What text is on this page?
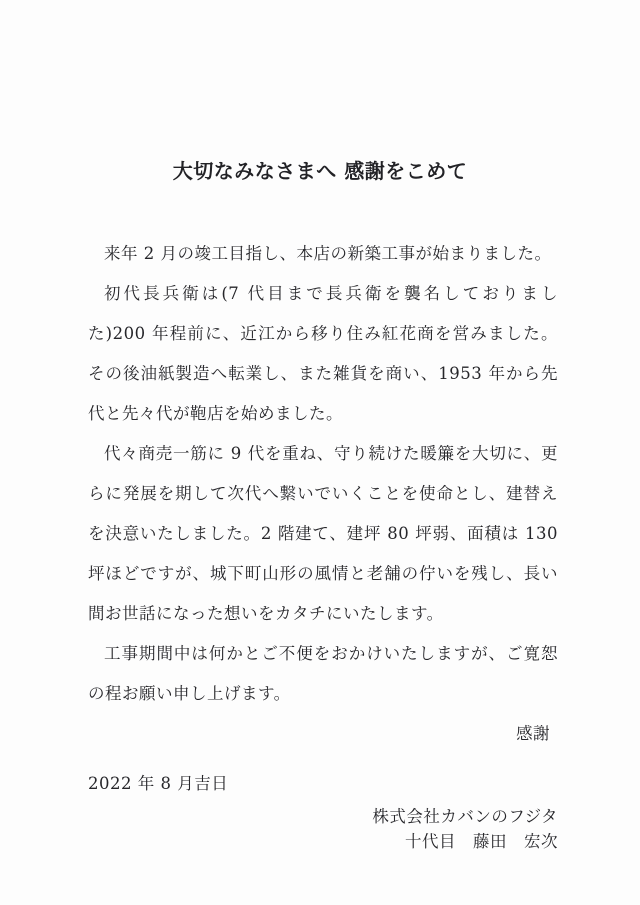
大切なみなさまへ 感謝をこめて

来年 2 月の竣工目指し、本店の新築工事が始まりました。

初代長兵衛は(7 代目まで長兵衛を襲名しておりました)200 年程前に、近江から移り住み紅花商を営みました。その後油紙製造へ転業し、また雑貨を商い、1953 年から先代と先々代が鞄店を始めました。

代々商売一筋に 9 代を重ね、守り続けた暖簾を大切に、更らに発展を期して次代へ繋いでいくことを使命とし、建替えを決意いたしました。2 階建て、建坪 80 坪弱、面積は 130 坪ほどですが、城下町山形の風情と老舗の佇いを残し、長い間お世話になった想いをカタチにいたします。

工事期間中は何かとご不便をおかけいたしますが、ご寛恕の程お願い申し上げます。

感謝

2022 年 8 月吉日

株式会社カバンのフジタ

十代目　藤田　宏次
